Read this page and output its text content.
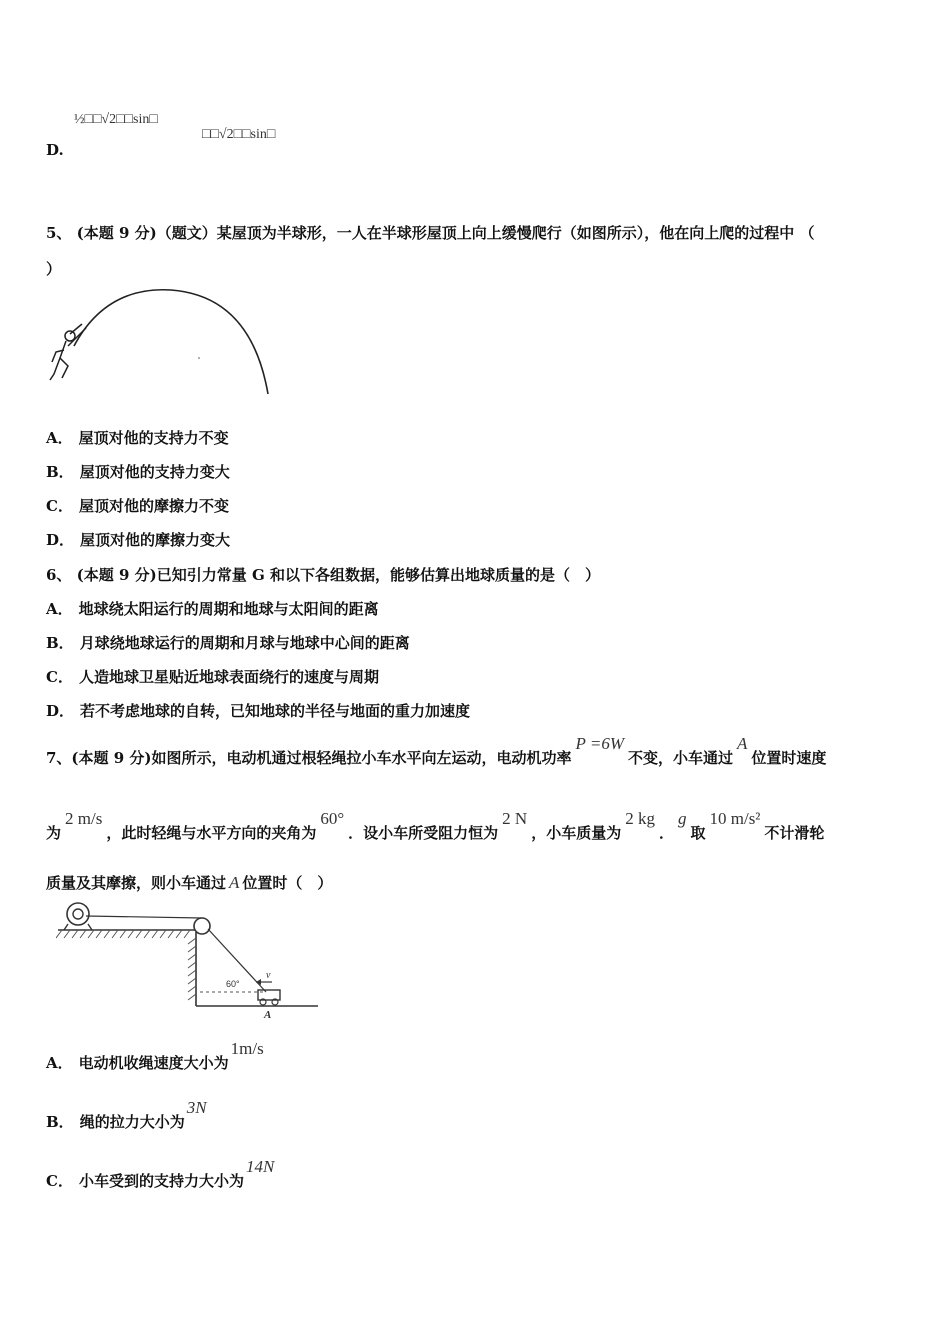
D.
½□□√2□□sin□
□□√2□□sin□
5、 (本题 9 分)（题文）某屋顶为半球形，一人在半球形屋顶上向上缓慢爬行（如图所示），他在向上爬的过程中 （
）
A． 屋顶对他的支持力不变
B． 屋顶对他的支持力变大
C． 屋顶对他的摩擦力不变
D． 屋顶对他的摩擦力变大
6、 (本题 9 分)已知引力常量 G 和以下各组数据，能够估算出地球质量的是（　）
A． 地球绕太阳运行的周期和地球与太阳间的距离
B． 月球绕地球运行的周期和月球与地球中心间的距离
C． 人造地球卫星贴近地球表面绕行的速度与周期
D． 若不考虑地球的自转，已知地球的半径与地面的重力加速度
7、(本题 9 分)如图所示，电动机通过根轻绳拉小车水平向左运动，电动机功率P =6W不变，小车通过A位置时速度
为2 m/s，此时轻绳与水平方向的夹角为60°．设小车所受阻力恒为2 N，小车质量为2 kg．g取10 m/s²不计滑轮
质量及其摩擦，则小车通过 A 位置时（　）
60°
v
A
A． 电动机收绳速度大小为1m/s
B． 绳的拉力大小为3N
C． 小车受到的支持力大小为14N
